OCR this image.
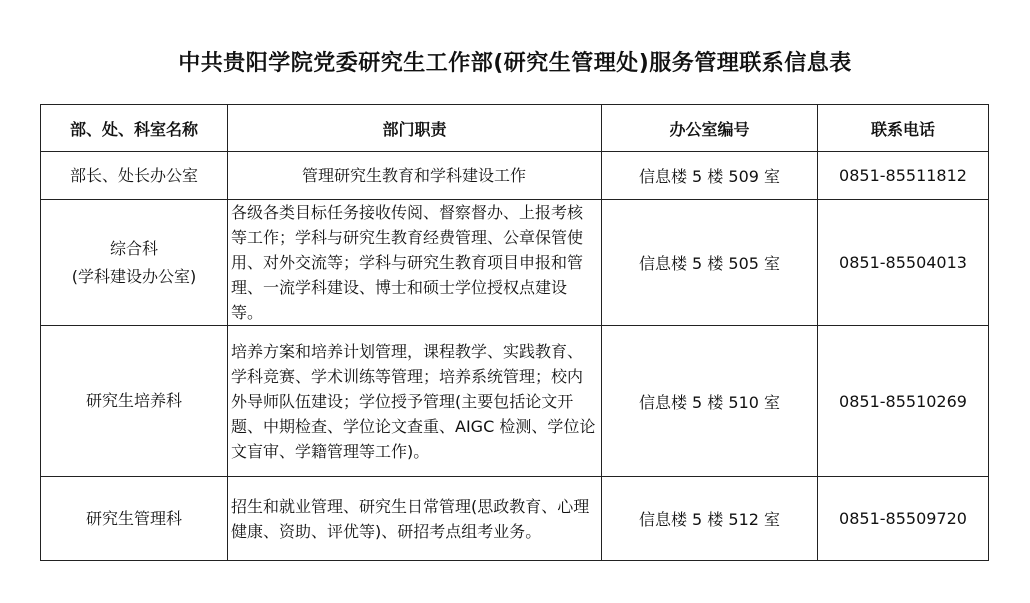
中共贵阳学院党委研究生工作部(研究生管理处)服务管理联系信息表
部、处、科室名称	部门职责	办公室编号	联系电话

部长、处长办公室	管理研究生教育和学科建设工作	信息楼 5 楼 509 室	0851-85511812

综合科
(学科建设办公室)	各级各类目标任务接收传阅、督察督办、上报考核等工作；学科与研究生教育经费管理、公章保管使用、对外交流等；学科与研究生教育项目申报和管理、一流学科建设、博士和硕士学位授权点建设等。	信息楼 5 楼 505 室	0851-85504013

研究生培养科	培养方案和培养计划管理，课程教学、实践教育、学科竞赛、学术训练等管理；培养系统管理；校内外导师队伍建设；学位授予管理(主要包括论文开题、中期检查、学位论文查重、AIGC 检测、学位论文盲审、学籍管理等工作)。	信息楼 5 楼 510 室	0851-85510269

研究生管理科	招生和就业管理、研究生日常管理(思政教育、心理健康、资助、评优等)、研招考点组考业务。	信息楼 5 楼 512 室	0851-85509720
